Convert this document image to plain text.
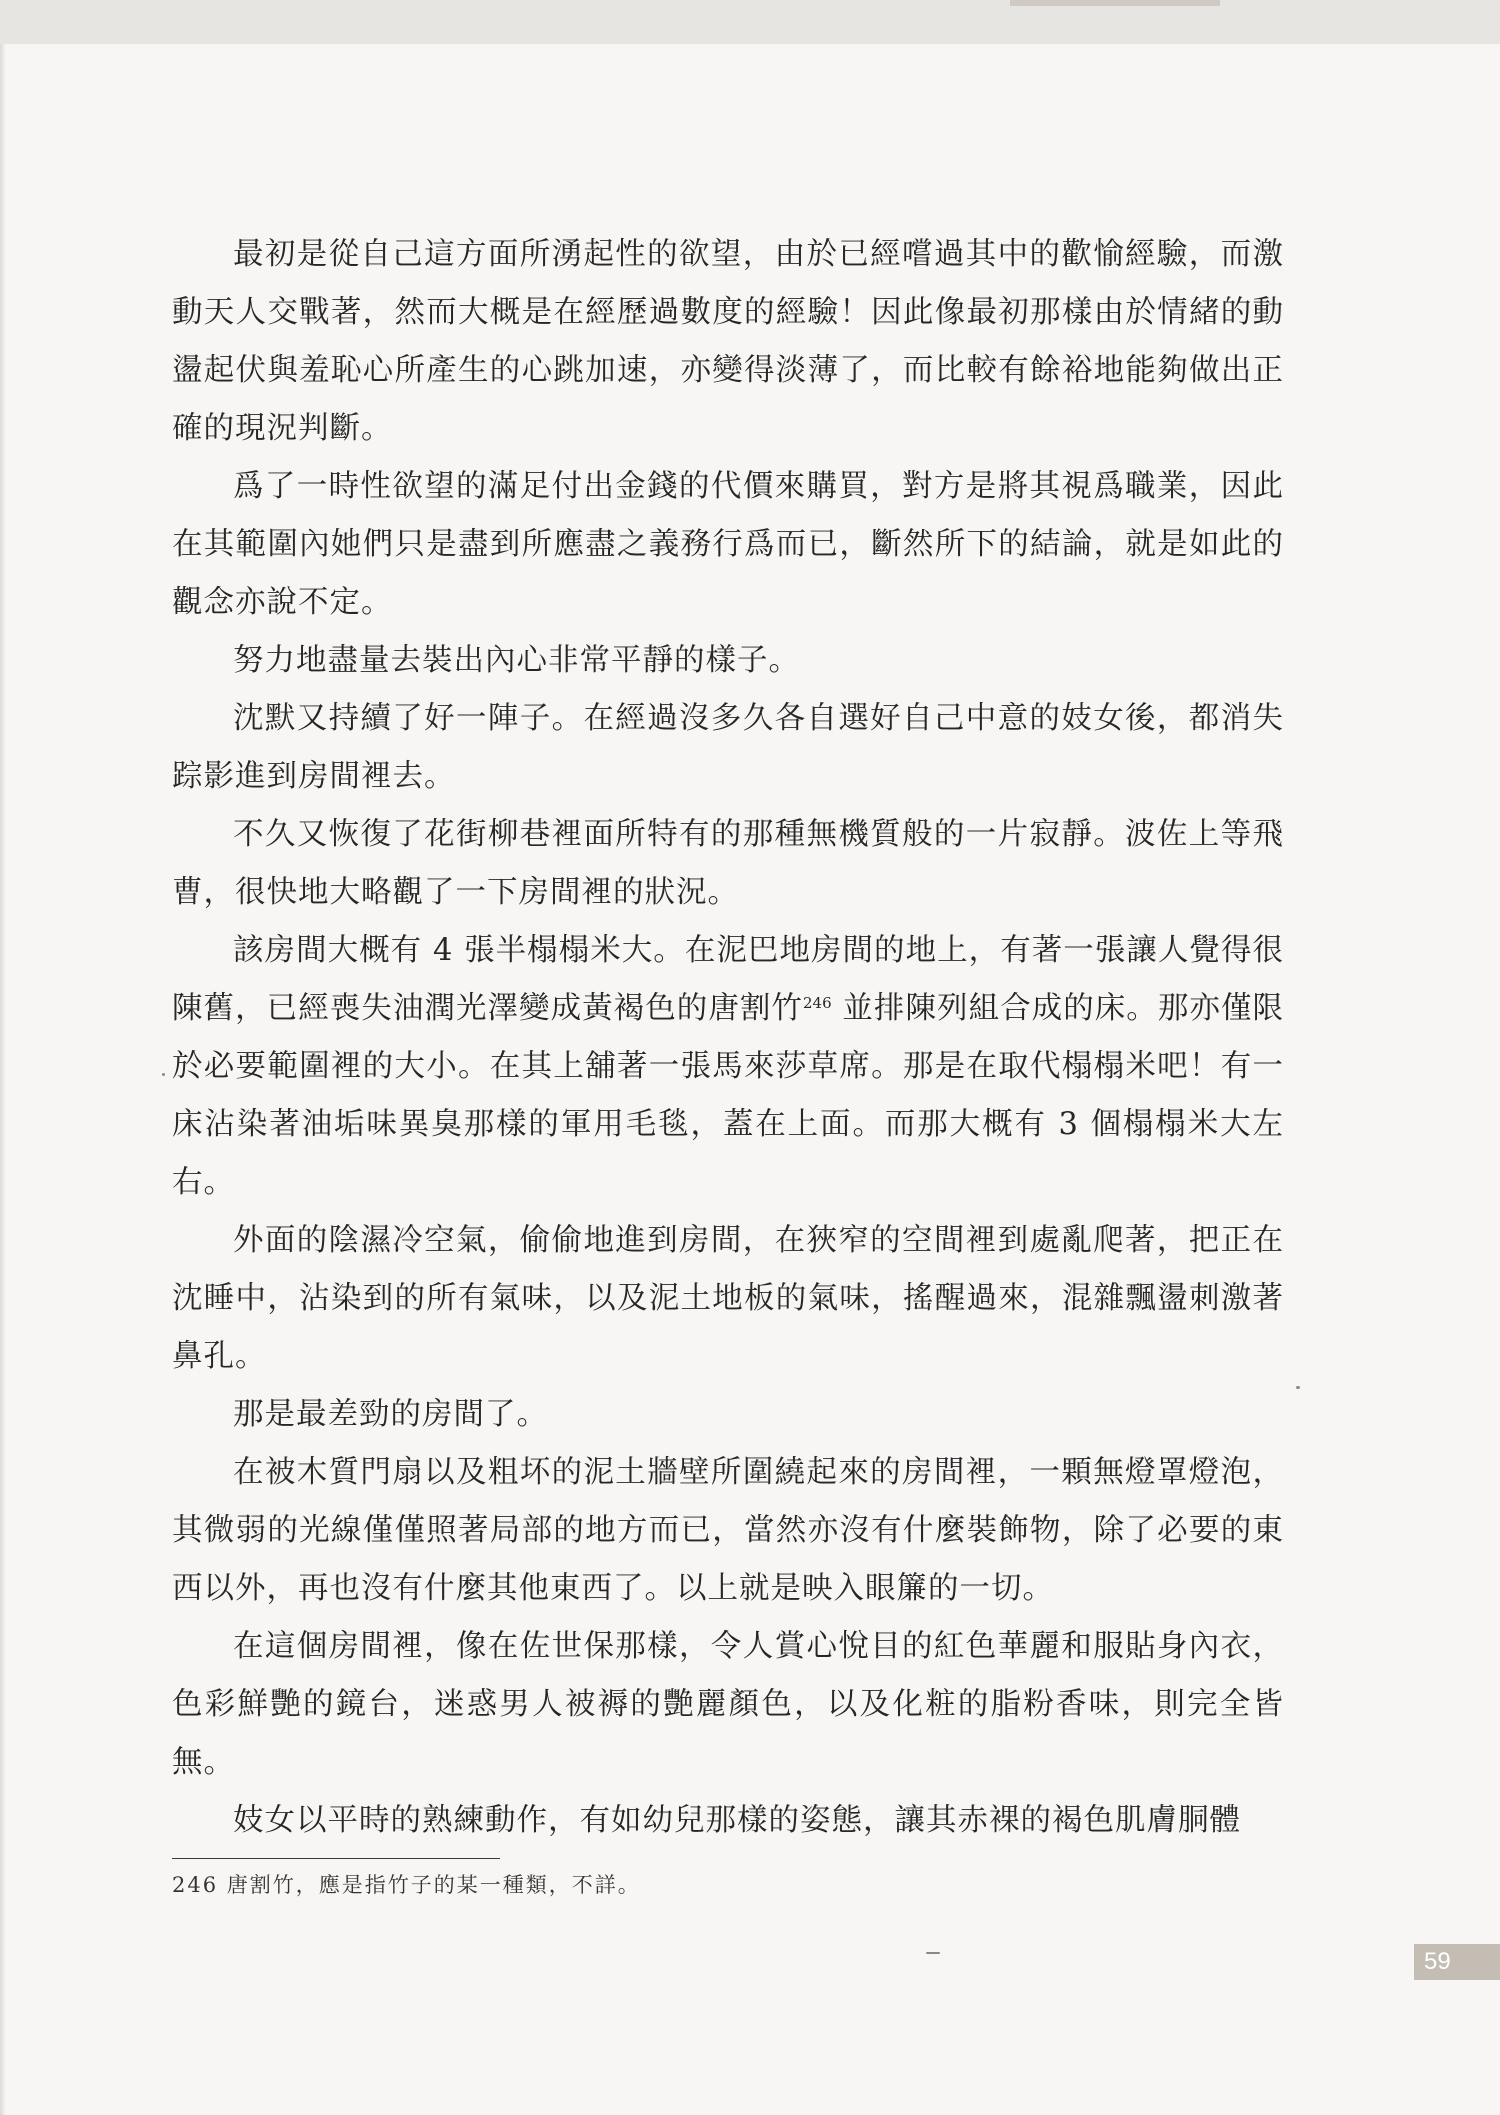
最初是從自己這方面所湧起性的欲望，由於已經嚐過其中的歡愉經驗，而激動天人交戰著，然而大概是在經歷過數度的經驗！因此像最初那樣由於情緒的動盪起伏與羞恥心所產生的心跳加速，亦變得淡薄了，而比較有餘裕地能夠做出正確的現況判斷。

爲了一時性欲望的滿足付出金錢的代價來購買，對方是將其視爲職業，因此在其範圍內她們只是盡到所應盡之義務行爲而已，斷然所下的結論，就是如此的觀念亦說不定。

努力地盡量去裝出內心非常平靜的樣子。

沈默又持續了好一陣子。在經過沒多久各自選好自己中意的妓女後，都消失踪影進到房間裡去。

不久又恢復了花街柳巷裡面所特有的那種無機質般的一片寂靜。波佐上等飛曹，很快地大略觀了一下房間裡的狀況。

該房間大概有 4 張半榻榻米大。在泥巴地房間的地上，有著一張讓人覺得很陳舊，已經喪失油潤光澤變成黃褐色的唐割竹$^{246}$ 並排陳列組合成的床。那亦僅限於必要範圍裡的大小。在其上舖著一張馬來莎草席。那是在取代榻榻米吧！有一床沾染著油垢味異臭那樣的軍用毛毯，蓋在上面。而那大概有 3 個榻榻米大左右。

外面的陰濕冷空氣，偷偷地進到房間，在狹窄的空間裡到處亂爬著，把正在沈睡中，沾染到的所有氣味，以及泥土地板的氣味，搖醒過來，混雜飄盪刺激著鼻孔。

那是最差勁的房間了。

在被木質門扇以及粗坏的泥土牆壁所圍繞起來的房間裡，一顆無燈罩燈泡，其微弱的光線僅僅照著局部的地方而已，當然亦沒有什麼裝飾物，除了必要的東西以外，再也沒有什麼其他東西了。以上就是映入眼簾的一切。

在這個房間裡，像在佐世保那樣，令人賞心悅目的紅色華麗和服貼身內衣，色彩鮮艷的鏡台，迷惑男人被褥的艷麗顏色，以及化粧的脂粉香味，則完全皆無。

妓女以平時的熟練動作，有如幼兒那樣的姿態，讓其赤裸的褐色肌膚胴體

246 唐割竹，應是指竹子的某一種類，不詳。
59
